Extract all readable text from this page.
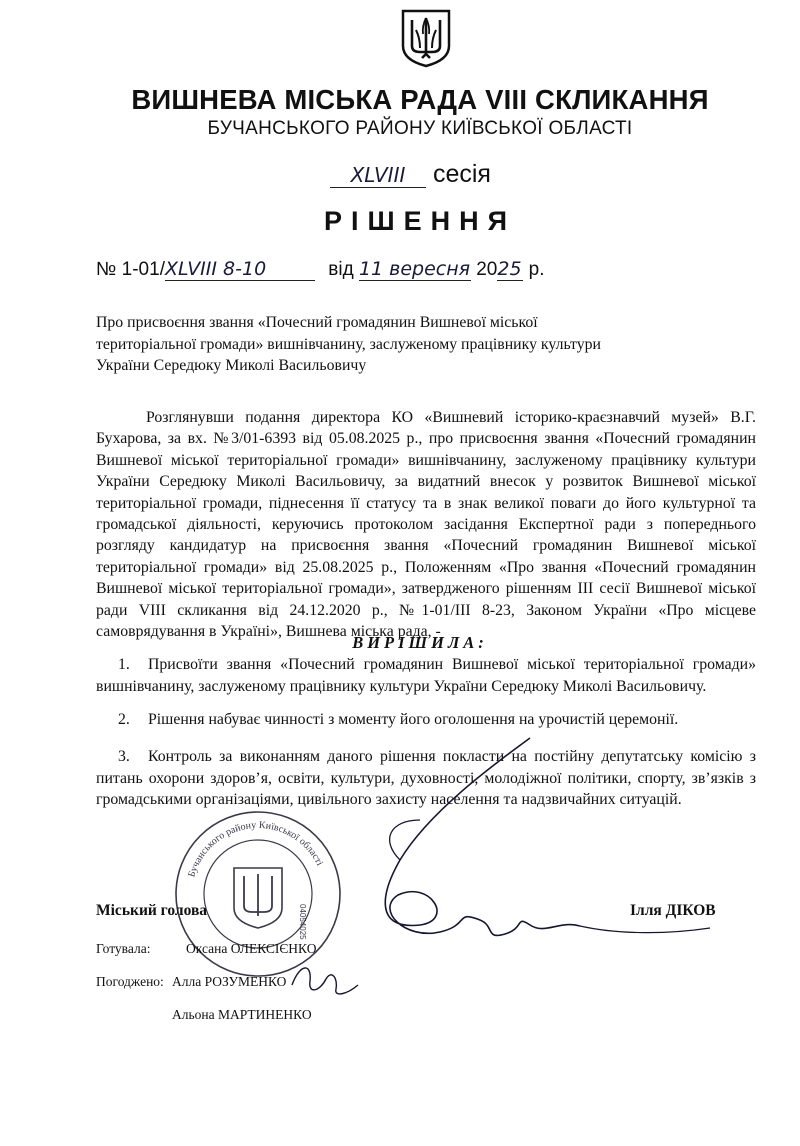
ВИШНЕВА МІСЬКА РАДА VIII СКЛИКАННЯ
БУЧАНСЬКОГО РАЙОНУ КИЇВСЬКОЇ ОБЛАСТІ
XLVIII сесія
РІШЕННЯ
№ 1-01/XLVIII 8-10	від 11 вересня 2025 р.
Про присвоєння звання «Почесний громадянин Вишневої міської територіальної громади» вишнівчанину, заслуженому працівнику культури України Середюку Миколі Васильовичу
Розглянувши подання директора КО «Вишневий історико-краєзнавчий музей» В.Г. Бухарова, за вх. №3/01-6393 від 05.08.2025 р., про присвоєння звання «Почесний громадянин Вишневої міської територіальної громади» вишнівчанину, заслуженому працівнику культури України Середюку Миколі Васильовичу, за видатний внесок у розвиток Вишневої міської територіальної громади, піднесення її статусу та в знак великої поваги до його культурної та громадської діяльності, керуючись протоколом засідання Експертної ради з попереднього розгляду кандидатур на присвоєння звання «Почесний громадянин Вишневої міської територіальної громади» від 25.08.2025 р., Положенням «Про звання «Почесний громадянин Вишневої міської територіальної громади», затвердженого рішенням ІІІ сесії Вишневої міської ради VIII скликання від 24.12.2020 р., №1-01/ІІІ 8-23, Законом України «Про місцеве самоврядування в Україні», Вишнева міська рада, -
ВИРІШИЛА:
1. Присвоїти звання «Почесний громадянин Вишневої міської територіальної громади» вишнівчанину, заслуженому працівнику культури України Середюку Миколі Васильовичу.
2. Рішення набуває чинності з моменту його оголошення на урочистій церемонії.
3. Контроль за виконанням даного рішення покласти на постійну депутатську комісію з питань охорони здоров’я, освіти, культури, духовності, молодіжної політики, спорту, зв’язків з громадськими організаціями, цивільного захисту населення та надзвичайних ситуацій.
Бучанського району Київської області
04054025
Міський голова	Ілля ДІКОВ
Готувала:	Оксана ОЛЕКСІЄНКО
Погоджено: Алла РОЗУМЕНКО
Альона МАРТИНЕНКО
